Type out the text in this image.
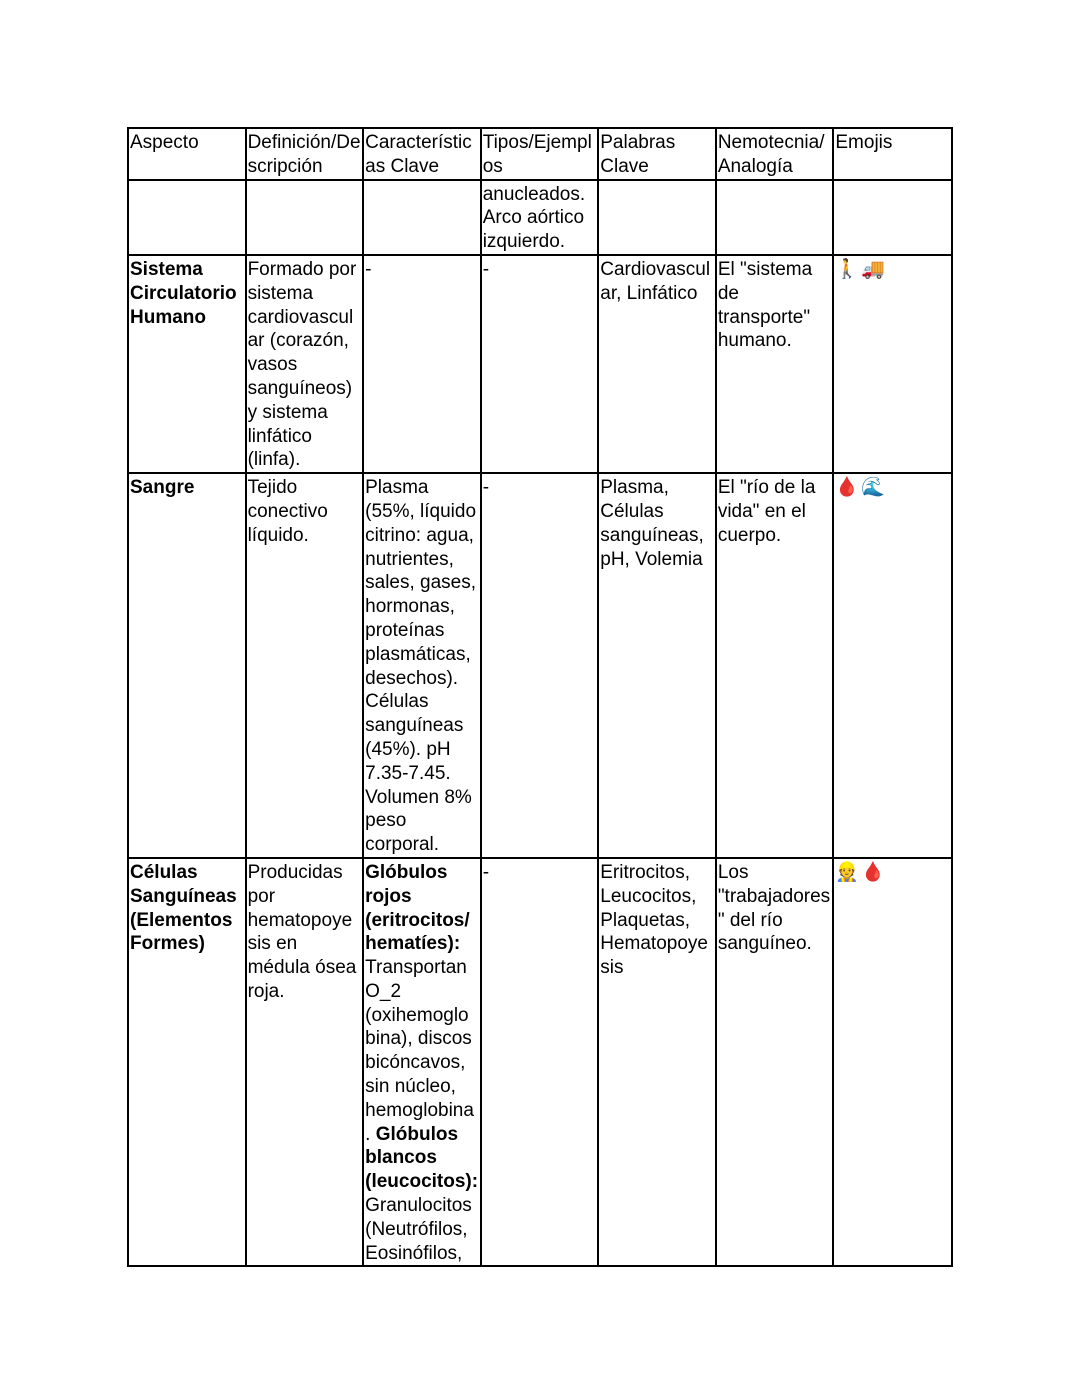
Aspecto	Definición/Descripción	Características Clave	Tipos/Ejemplos	Palabras Clave	Nemotecnia/ Analogía	Emojis
			anucleados. Arco aórtico izquierdo.			
Sistema Circulatorio Humano	Formado por sistema cardiovascular (corazón, vasos sanguíneos) y sistema linfático (linfa).	-	-	Cardiovascular, Linfático	El "sistema de transporte" humano.	🚶🚚
Sangre	Tejido conectivo líquido.	Plasma (55%, líquido citrino: agua, nutrientes, sales, gases, hormonas, proteínas plasmáticas, desechos). Células sanguíneas (45%). pH 7.35-7.45. Volumen 8% peso corporal.	-	Plasma, Células sanguíneas, pH, Volemia	El "río de la vida" en el cuerpo.	🩸🌊
Células Sanguíneas (Elementos Formes)	Producidas por hematopoyesis en médula ósea roja.	Glóbulos rojos (eritrocitos/ hematíes): Transportan O_2 (oxihemoglobina), discos bicóncavos, sin núcleo, hemoglobina. Glóbulos blancos (leucocitos): Granulocitos (Neutrófilos, Eosinófilos,	-	Eritrocitos, Leucocitos, Plaquetas, Hematopoyesis	Los "trabajadores" del río sanguíneo.	👷🩸
